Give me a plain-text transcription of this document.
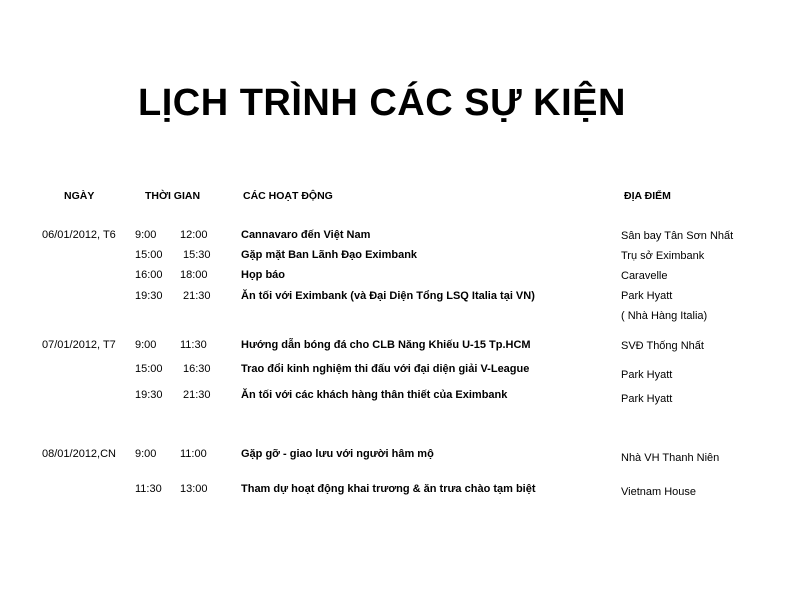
LỊCH TRÌNH CÁC SỰ KIỆN
NGÀY	THỜI GIAN	CÁC HOẠT ĐỘNG	ĐỊA ĐIỂM
06/01/2012, T6 9:00 12:00	Cannavaro đến Việt Nam	Sân bay Tân Sơn Nhất
15:00 15:30	Gặp mặt Ban Lãnh Đạo Eximbank	Trụ sở Eximbank
16:00 18:00	Họp báo	Caravelle
19:30 21:30	Ăn tối với Eximbank (và Đại Diện Tổng LSQ Italia tại VN)	Park Hyatt
( Nhà Hàng Italia)
07/01/2012, T7 9:00 11:30	Hướng dẫn bóng đá cho CLB Năng Khiếu U-15 Tp.HCM	SVĐ Thống Nhất
15:00 16:30	Trao đổi kinh nghiệm thi đấu với đại diện giải V-League	Park Hyatt
19:30 21:30	Ăn tối với các khách hàng thân thiết của Eximbank	Park Hyatt
08/01/2012,CN 9:00 11:00	Gặp gỡ - giao lưu với người hâm mộ	Nhà VH Thanh Niên
11:30 13:00	Tham dự hoạt động khai trương & ăn trưa chào tạm biệt	Vietnam House
